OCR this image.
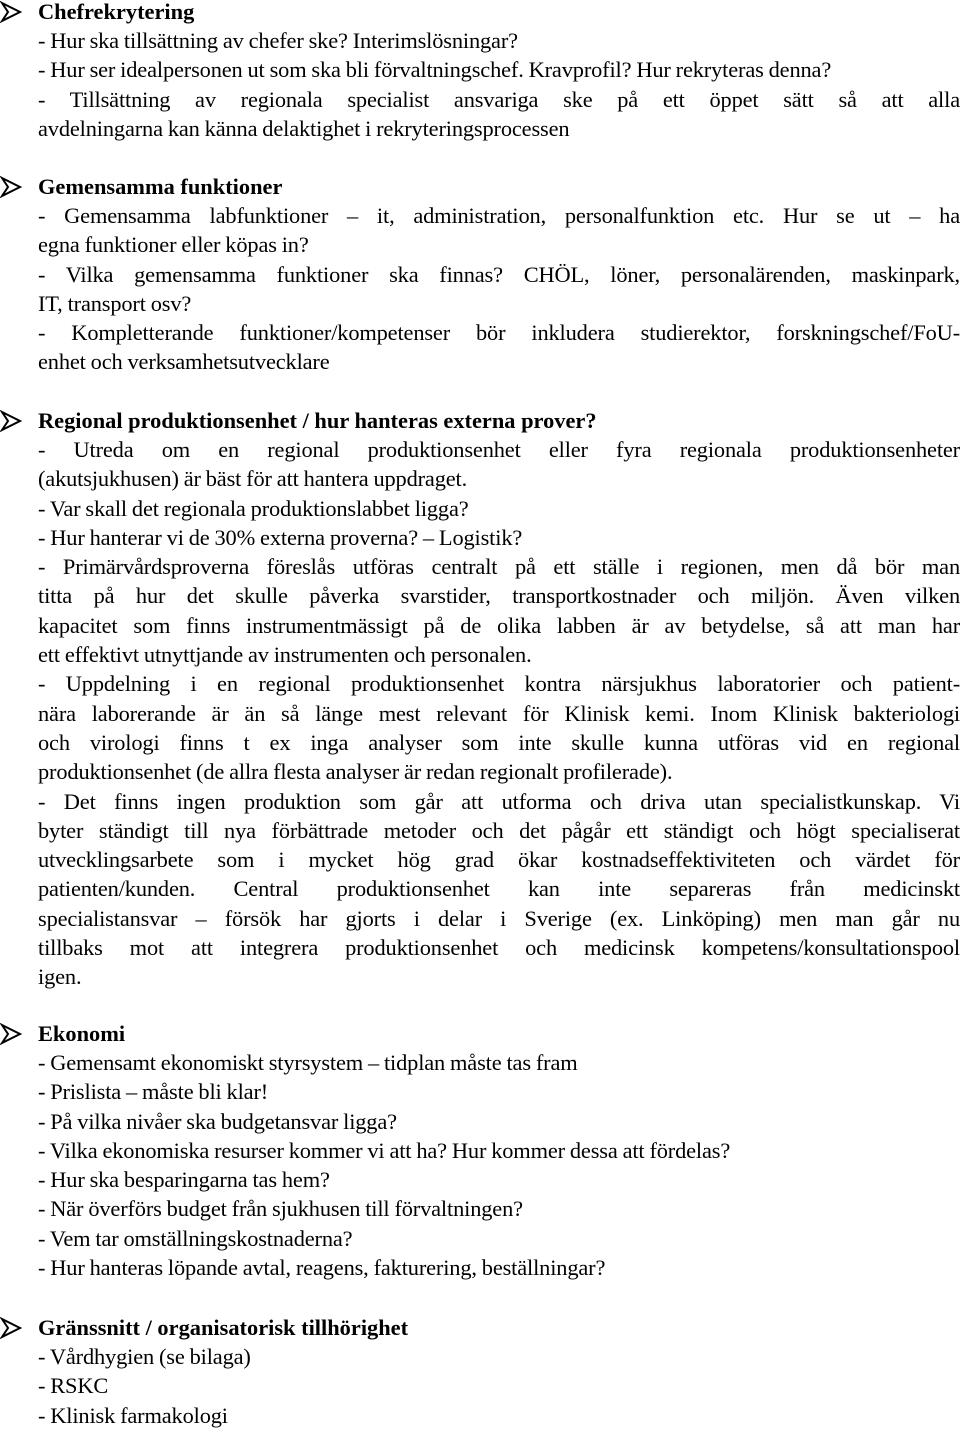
Chefrekrytering
- Hur ska tillsättning av chefer ske? Interimslösningar?
- Hur ser idealpersonen ut som ska bli förvaltningschef. Kravprofil? Hur rekryteras denna?
- Tillsättning av regionala specialist ansvariga ske på ett öppet sätt så att alla
avdelningarna kan känna delaktighet i rekryteringsprocessen
Gemensamma funktioner
- Gemensamma labfunktioner – it, administration, personalfunktion etc. Hur se ut – ha
egna funktioner eller köpas in?
- Vilka gemensamma funktioner ska finnas? CHÖL, löner, personalärenden, maskinpark,
IT, transport osv?
- Kompletterande funktioner/kompetenser bör inkludera studierektor, forskningschef/FoU-
enhet och verksamhetsutvecklare
Regional produktionsenhet / hur hanteras externa prover?
- Utreda om en regional produktionsenhet eller fyra regionala produktionsenheter
(akutsjukhusen) är bäst för att hantera uppdraget.
- Var skall det regionala produktionslabbet ligga?
- Hur hanterar vi de 30% externa proverna? – Logistik?
- Primärvårdsproverna föreslås utföras centralt på ett ställe i regionen, men då bör man
titta på hur det skulle påverka svarstider, transportkostnader och miljön. Även vilken
kapacitet som finns instrumentmässigt på de olika labben är av betydelse, så att man har
ett effektivt utnyttjande av instrumenten och personalen.
- Uppdelning i en regional produktionsenhet kontra närsjukhus laboratorier och patient-
nära laborerande är än så länge mest relevant för Klinisk kemi. Inom Klinisk bakteriologi
och virologi finns t ex inga analyser som inte skulle kunna utföras vid en regional
produktionsenhet (de allra flesta analyser är redan regionalt profilerade).
- Det finns ingen produktion som går att utforma och driva utan specialistkunskap. Vi
byter ständigt till nya förbättrade metoder och det pågår ett ständigt och högt specialiserat
utvecklingsarbete som i mycket hög grad ökar kostnadseffektiviteten och värdet för
patienten/kunden. Central produktionsenhet kan inte separeras från medicinskt
specialistansvar – försök har gjorts i delar i Sverige (ex. Linköping) men man går nu
tillbaks mot att integrera produktionsenhet och medicinsk kompetens/konsultationspool
igen.
Ekonomi
- Gemensamt ekonomiskt styrsystem – tidplan måste tas fram
- Prislista – måste bli klar!
- På vilka nivåer ska budgetansvar ligga?
- Vilka ekonomiska resurser kommer vi att ha? Hur kommer dessa att fördelas?
- Hur ska besparingarna tas hem?
- När överförs budget från sjukhusen till förvaltningen?
- Vem tar omställningskostnaderna?
- Hur hanteras löpande avtal, reagens, fakturering, beställningar?
Gränssnitt / organisatorisk tillhörighet
- Vårdhygien (se bilaga)
- RSKC
- Klinisk farmakologi
